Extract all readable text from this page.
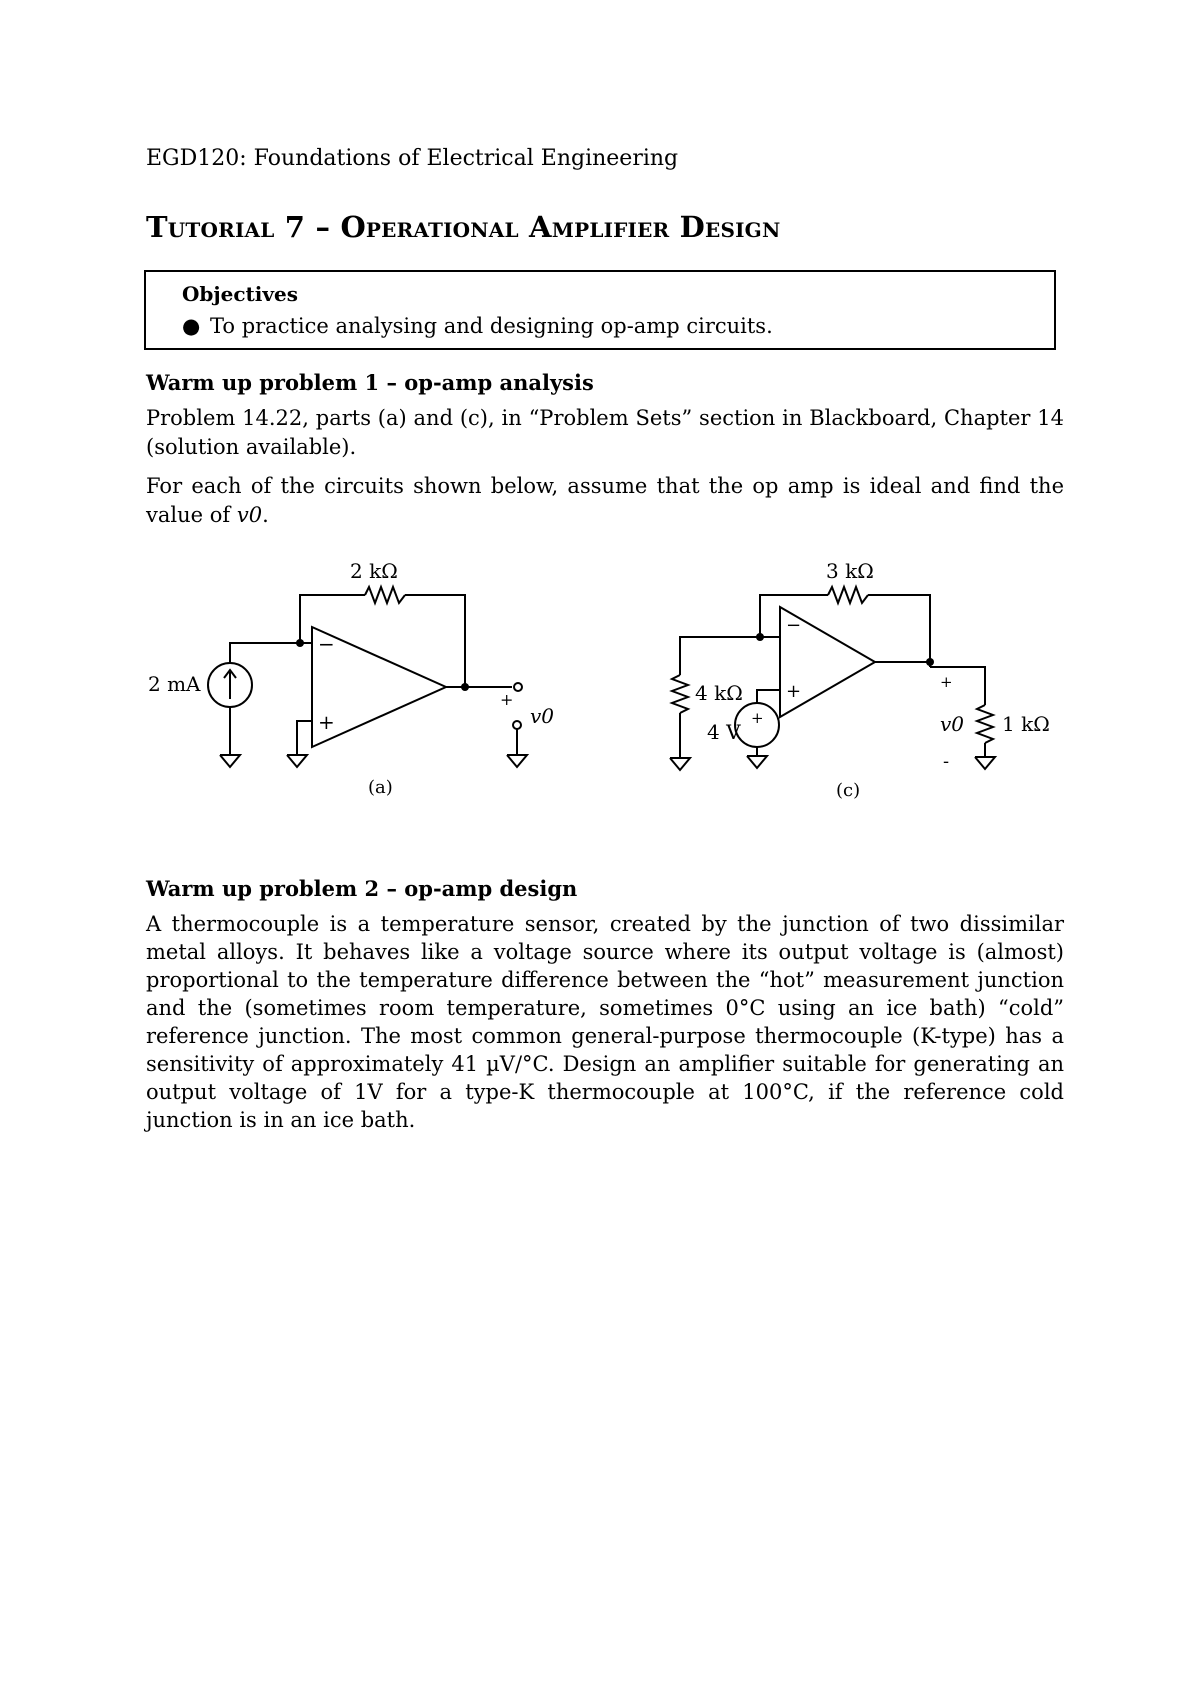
EGD120: Foundations of Electrical Engineering
Tutorial 7 – Operational Amplifier Design
Objectives
● To practice analysing and designing op-amp circuits.
Warm up problem 1 – op-amp analysis
Problem 14.22, parts (a) and (c), in “Problem Sets” section in Blackboard, Chapter 14 (solution available).
For each of the circuits shown below, assume that the op amp is ideal and find the value of v0.
2 kΩ
2 mA
−
+
+
v0
(a)
3 kΩ
4 kΩ
4 V
+
−
+	+
v0 1 kΩ
-
(c)
Warm up problem 2 – op-amp design
A thermocouple is a temperature sensor, created by the junction of two dissimilar metal alloys. It behaves like a voltage source where its output voltage is (almost) proportional to the temperature difference between the “hot” measurement junction and the (sometimes room temperature, sometimes 0°C using an ice bath) “cold” reference junction. The most common general-purpose thermocouple (K-type) has a sensitivity of approximately 41 µV/°C. Design an amplifier suitable for generating an output voltage of 1V for a type-K thermocouple at 100°C, if the reference cold junction is in an ice bath.
